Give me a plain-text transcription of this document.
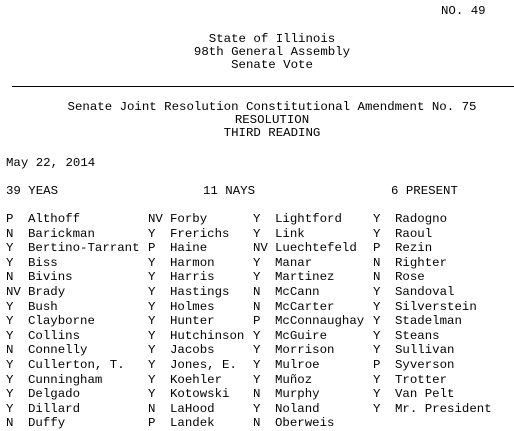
NO. 49
State of Illinois
98th General Assembly
Senate Vote
Senate Joint Resolution Constitutional Amendment No. 75
RESOLUTION
THIRD READING
May 22, 2014
39 YEAS	11 NAYS	6 PRESENT
P Althoff
N Barickman
Y Bertino-Tarrant
Y Biss
N Bivins
NV Brady
Y Bush
Y Clayborne
Y Collins
N Connelly
Y Cullerton, T.
Y Cunningham
Y Delgado
Y Dillard
N Duffy
NV Forby
Y Frerichs
P Haine
Y Harmon
Y Harris
Y Hastings
Y Holmes
Y Hunter
Y Hutchinson
Y Jacobs
Y Jones, E.
Y Koehler
Y Kotowski
N LaHood
P Landek
Y Lightford
Y Link
NV Luechtefeld
Y Manar
Y Martinez
N McCann
N McCarter
P McConnaughay
Y McGuire
Y Morrison
Y Mulroe
Y Muñoz
N Murphy
Y Noland
N Oberweis
Y Radogno
Y Raoul
P Rezin
N Righter
N Rose
Y Sandoval
Y Silverstein
Y Stadelman
Y Steans
Y Sullivan
P Syverson
Y Trotter
Y Van Pelt
Y Mr. President
